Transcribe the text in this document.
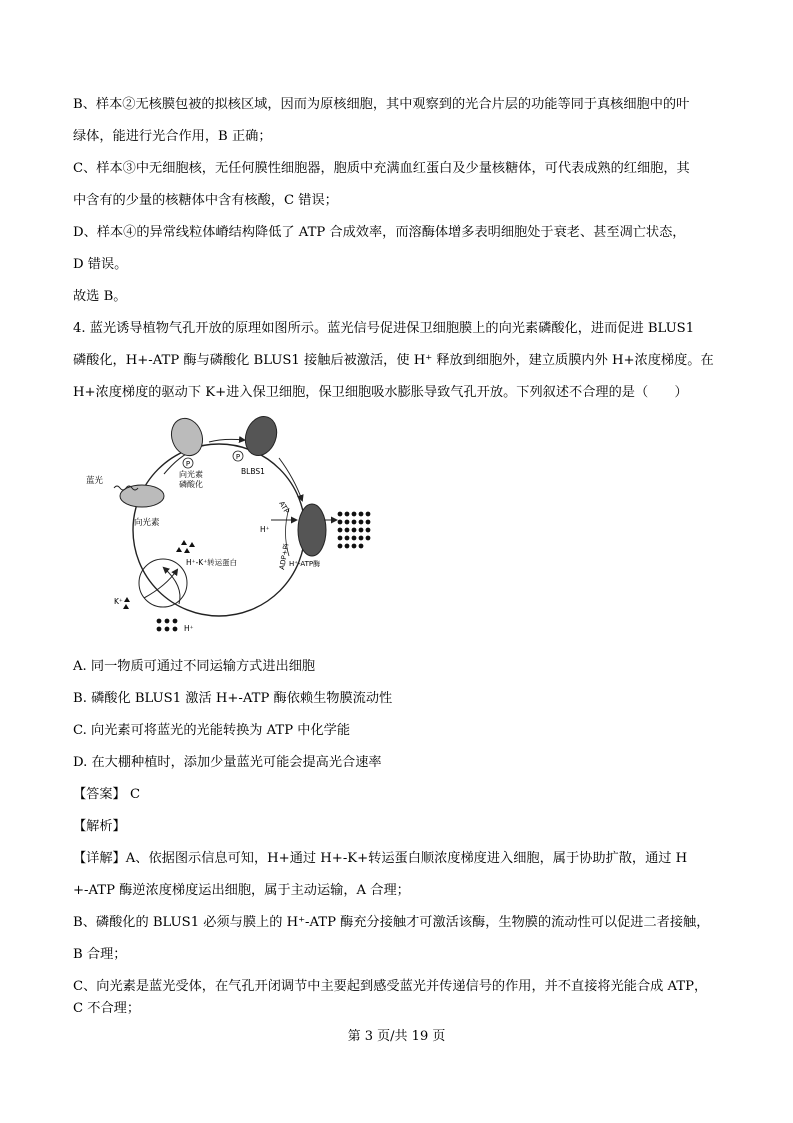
B、样本②无核膜包被的拟核区域，因而为原核细胞，其中观察到的光合片层的功能等同于真核细胞中的叶
绿体，能进行光合作用，B 正确；
C、样本③中无细胞核，无任何膜性细胞器，胞质中充满血红蛋白及少量核糖体，可代表成熟的红细胞，其
中含有的少量的核糖体中含有核酸，C 错误；
D、样本④的异常线粒体嵴结构降低了 ATP 合成效率，而溶酶体增多表明细胞处于衰老、甚至凋亡状态，
D 错误。
故选 B。
4. 蓝光诱导植物气孔开放的原理如图所示。蓝光信号促进保卫细胞膜上的向光素磷酸化，进而促进 BLUS1
磷酸化，H+-ATP 酶与磷酸化 BLUS1 接触后被激活，使 H⁺ 释放到细胞外，建立质膜内外 H+浓度梯度。在
H+浓度梯度的驱动下 K+进入保卫细胞，保卫细胞吸水膨胀导致气孔开放。下列叙述不合理的是（　　）
P
P
蓝光
向光素
向光素
磷酸化
BLBS1
ATP
ADP+Pi
H⁺
H⁺-ATP酶
H⁺-K⁺转运蛋白
K⁺
H⁺
A. 同一物质可通过不同运输方式进出细胞
B. 磷酸化 BLUS1 激活 H+-ATP 酶依赖生物膜流动性
C. 向光素可将蓝光的光能转换为 ATP 中化学能
D. 在大棚种植时，添加少量蓝光可能会提高光合速率
【答案】 C
【解析】
【详解】A、依据图示信息可知，H+通过 H+-K+转运蛋白顺浓度梯度进入细胞，属于协助扩散，通过 H
+-ATP 酶逆浓度梯度运出细胞，属于主动运输，A 合理；
B、磷酸化的 BLUS1 必须与膜上的 H⁺-ATP 酶充分接触才可激活该酶，生物膜的流动性可以促进二者接触，
B 合理；
C、向光素是蓝光受体，在气孔开闭调节中主要起到感受蓝光并传递信号的作用，并不直接将光能合成 ATP，
C 不合理；
第 3 页/共 19 页
